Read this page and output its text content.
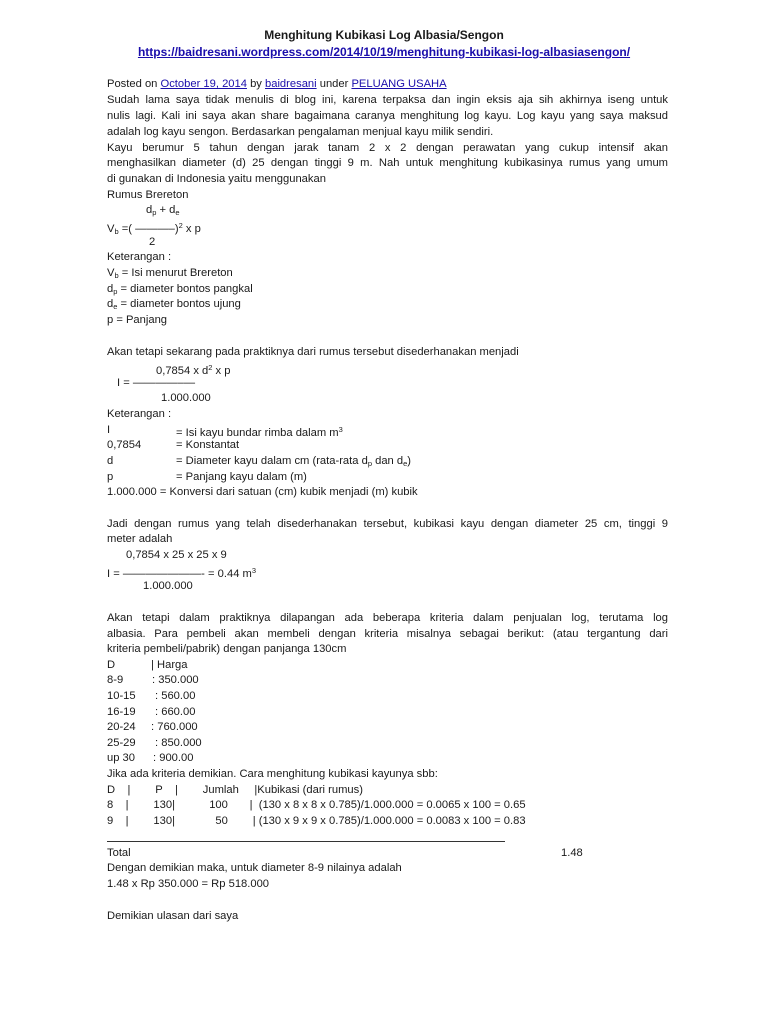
Menghitung Kubikasi Log Albasia/Sengon
https://baidresani.wordpress.com/2014/10/19/menghitung-kubikasi-log-albasiasengon/
Posted on October 19, 2014 by baidresani under PELUANG USAHA
Sudah lama saya tidak menulis di blog ini, karena terpaksa dan ingin eksis aja sih akhirnya iseng untuk
nulis lagi. Kali ini saya akan share bagaimana caranya menghitung log kayu. Log kayu yang saya maksud
adalah log kayu sengon. Berdasarkan pengalaman menjual kayu milik sendiri.
Kayu berumur 5 tahun dengan jarak tanam 2 x 2 dengan perawatan yang cukup intensif akan
menghasilkan diameter (d) 25 dengan tinggi 9 m. Nah untuk menghitung kubikasinya rumus yang umum
di gunakan di Indonesia yaitu menggunakan
Rumus Brereton
$d_p + d_e$
$V_b$ =( ———–)$^2$ x p
2
Keterangan :
$V_b$ = Isi menurut Brereton
$d_p$ = diameter bontos pangkal
$d_e$ = diameter bontos ujung
p = Panjang
Akan tetapi sekarang pada praktiknya dari rumus tersebut disederhanakan menjadi
0,7854 x $d^2$ x p
I = ————–—
1.000.000
Keterangan :
I	= Isi kayu bundar rimba dalam $m^3$
0,7854	= Konstantat
d	= Diameter kayu dalam cm (rata-rata $d_p$ dan $d_e$)
p	= Panjang kayu dalam (m)
1.000.000 = Konversi dari satuan (cm) kubik menjadi (m) kubik
Jadi dengan rumus yang telah disederhanakan tersebut, kubikasi kayu dengan diameter 25 cm, tinggi 9
meter adalah
0,7854 x 25 x 25 x 9
I = ———————- = 0.44 $m^3$
1.000.000
Akan tetapi dalam praktiknya dilapangan ada beberapa kriteria dalam penjualan log, terutama log
albasia. Para pembeli akan membeli dengan kriteria misalnya sebagai berikut: (atau tergantung dari
kriteria pembeli/pabrik) dengan panjanga 130cm
D	| Harga
8-9	: 350.000
10-15 : 560.00
16-19 : 660.00
20-24 : 760.000
25-29 : 850.000
up 30 : 900.00
Jika ada kriteria demikian. Cara menghitung kubikasi kayunya sbb:
D    |        P    |        Jumlah     |Kubikasi (dari rumus)
8    |        130|           100       |  (130 x 8 x 8 x 0.785)/1.000.000 = 0.0065 x 100 = 0.65
9    |        130|             50        | (130 x 9 x 9 x 0.785)/1.000.000 = 0.0083 x 100 = 0.83
Total	1.48
Dengan demikian maka, untuk diameter 8-9 nilainya adalah
1.48 x Rp 350.000 = Rp 518.000
Demikian ulasan dari saya
